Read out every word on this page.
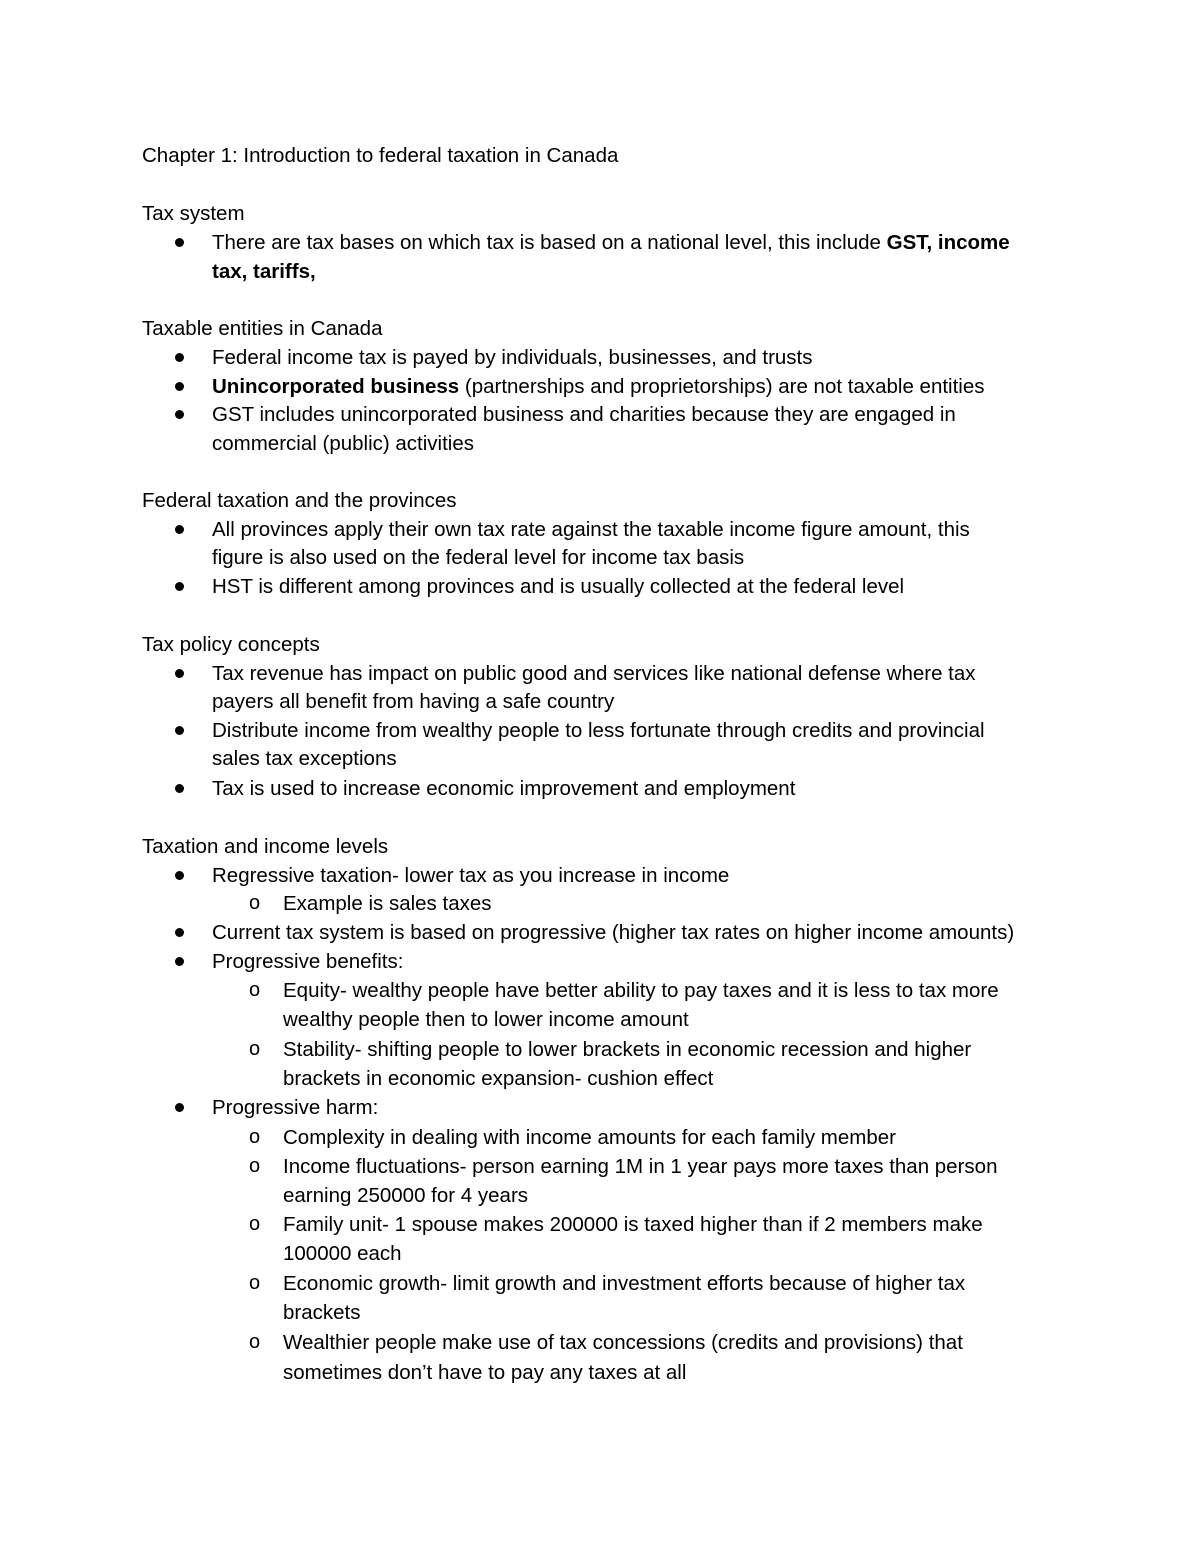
Chapter 1: Introduction to federal taxation in Canada
Tax system
There are tax bases on which tax is based on a national level, this include GST, income
tax, tariffs,
Taxable entities in Canada
Federal income tax is payed by individuals, businesses, and trusts
Unincorporated business (partnerships and proprietorships) are not taxable entities
GST includes unincorporated business and charities because they are engaged in
commercial (public) activities
Federal taxation and the provinces
All provinces apply their own tax rate against the taxable income figure amount, this
figure is also used on the federal level for income tax basis
HST is different among provinces and is usually collected at the federal level
Tax policy concepts
Tax revenue has impact on public good and services like national defense where tax
payers all benefit from having a safe country
Distribute income from wealthy people to less fortunate through credits and provincial
sales tax exceptions
Tax is used to increase economic improvement and employment
Taxation and income levels
Regressive taxation- lower tax as you increase in income
o Example is sales taxes
Current tax system is based on progressive (higher tax rates on higher income amounts)
Progressive benefits:
o Equity- wealthy people have better ability to pay taxes and it is less to tax more
wealthy people then to lower income amount
o Stability- shifting people to lower brackets in economic recession and higher
brackets in economic expansion- cushion effect
Progressive harm:
o Complexity in dealing with income amounts for each family member
o Income fluctuations- person earning 1M in 1 year pays more taxes than person
earning 250000 for 4 years
o Family unit- 1 spouse makes 200000 is taxed higher than if 2 members make
100000 each
o Economic growth- limit growth and investment efforts because of higher tax
brackets
o Wealthier people make use of tax concessions (credits and provisions) that
sometimes don’t have to pay any taxes at all
